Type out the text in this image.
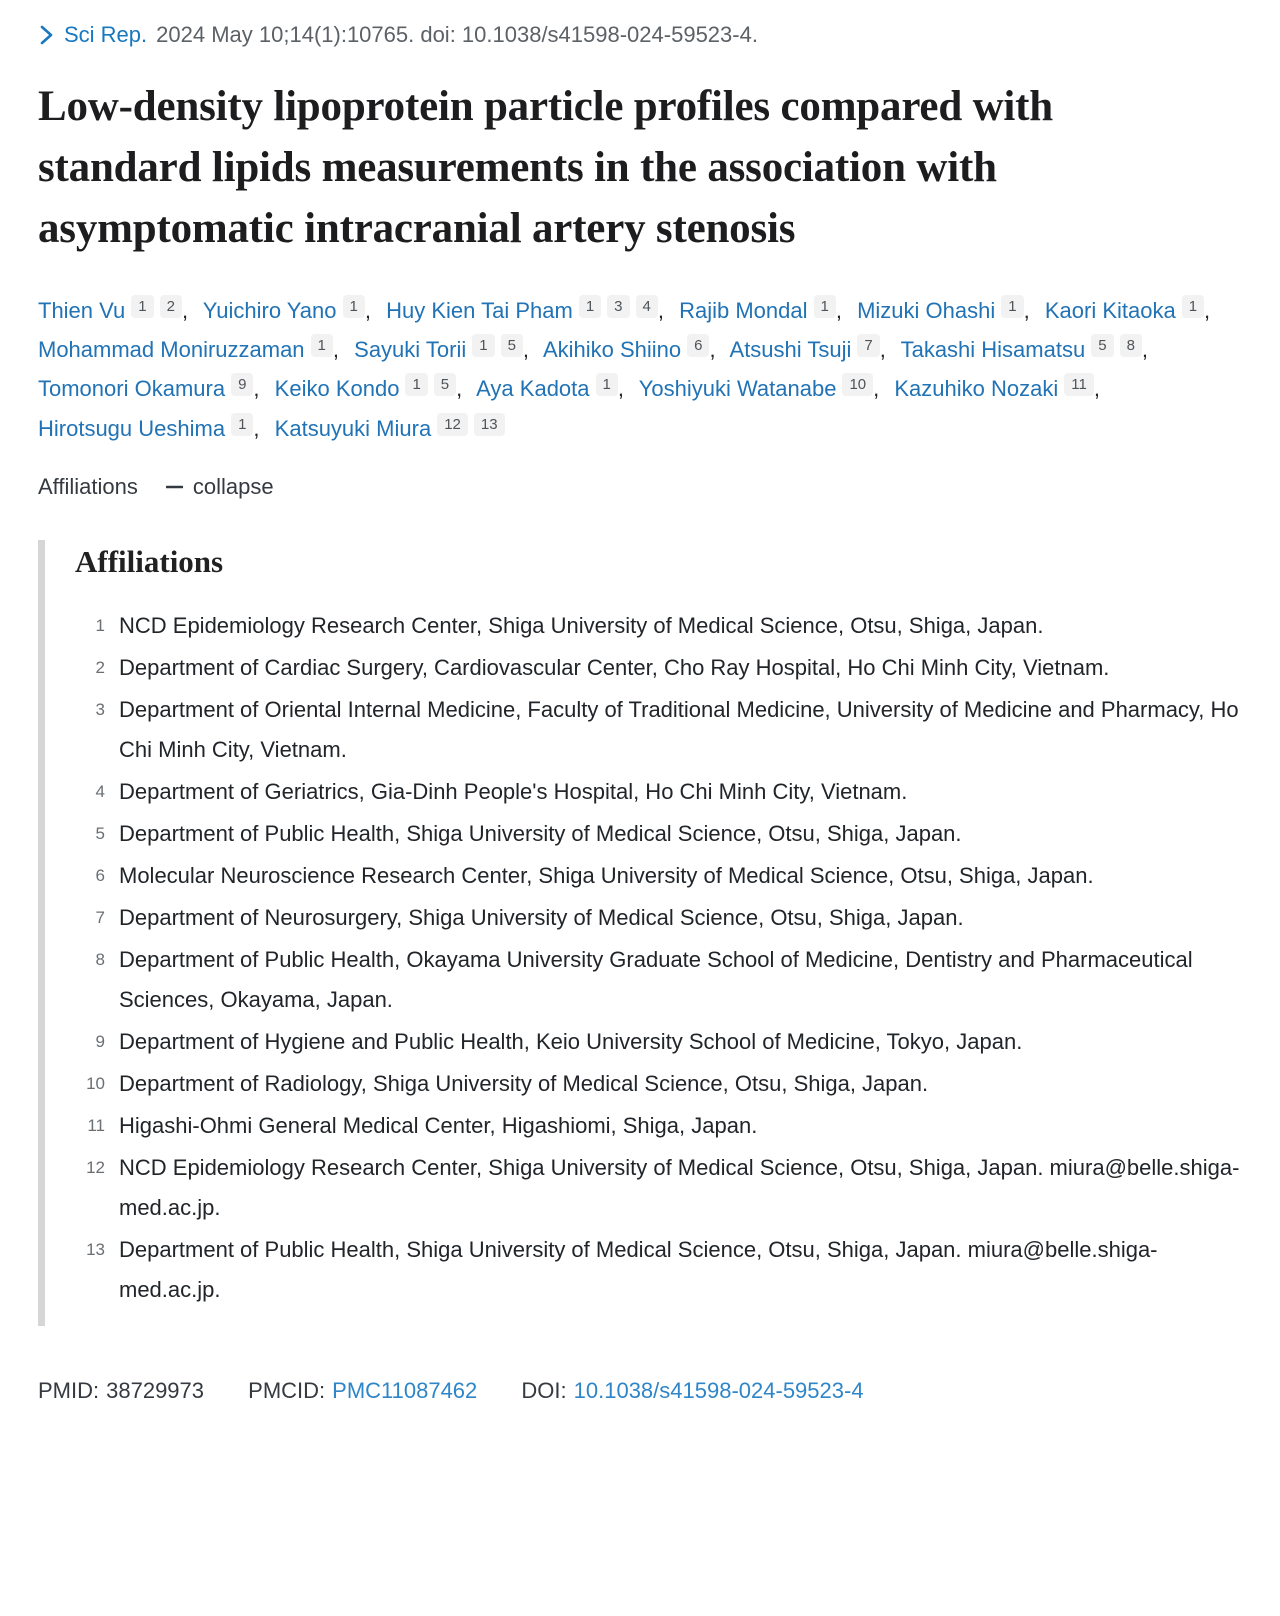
Sci Rep. 2024 May 10;14(1):10765. doi: 10.1038/s41598-024-59523-4.
Low-density lipoprotein particle profiles compared with standard lipids measurements in the association with asymptomatic intracranial artery stenosis
Thien Vu $^1$ $^2$ , Yuichiro Yano $^1$ , Huy Kien Tai Pham $^1$ $^3$ $^4$ , Rajib Mondal $^1$ , Mizuki Ohashi $^1$ , Kaori Kitaoka $^1$ , Mohammad Moniruzzaman $^1$ , Sayuki Torii $^1$ $^5$ , Akihiko Shiino $^6$ , Atsushi Tsuji $^7$ , Takashi Hisamatsu $^5$ $^8$ , Tomonori Okamura $^9$ , Keiko Kondo $^1$ $^5$ , Aya Kadota $^1$ , Yoshiyuki Watanabe $^{10}$ , Kazuhiko Nozaki $^{11}$ , Hirotsugu Ueshima $^1$ , Katsuyuki Miura $^{12}$ $^{13}$
Affiliations	collapse
Affiliations
1 NCD Epidemiology Research Center, Shiga University of Medical Science, Otsu, Shiga, Japan.
2 Department of Cardiac Surgery, Cardiovascular Center, Cho Ray Hospital, Ho Chi Minh City, Vietnam.
3 Department of Oriental Internal Medicine, Faculty of Traditional Medicine, University of Medicine and Pharmacy, Ho Chi Minh City, Vietnam.
4 Department of Geriatrics, Gia-Dinh People's Hospital, Ho Chi Minh City, Vietnam.
5 Department of Public Health, Shiga University of Medical Science, Otsu, Shiga, Japan.
6 Molecular Neuroscience Research Center, Shiga University of Medical Science, Otsu, Shiga, Japan.
7 Department of Neurosurgery, Shiga University of Medical Science, Otsu, Shiga, Japan.
8 Department of Public Health, Okayama University Graduate School of Medicine, Dentistry and Pharmaceutical Sciences, Okayama, Japan.
9 Department of Hygiene and Public Health, Keio University School of Medicine, Tokyo, Japan.
10 Department of Radiology, Shiga University of Medical Science, Otsu, Shiga, Japan.
11 Higashi-Ohmi General Medical Center, Higashiomi, Shiga, Japan.
12 NCD Epidemiology Research Center, Shiga University of Medical Science, Otsu, Shiga, Japan. miura@belle.shiga-med.ac.jp.
13 Department of Public Health, Shiga University of Medical Science, Otsu, Shiga, Japan. miura@belle.shiga-med.ac.jp.
PMID: 38729973 PMCID: PMC11087462 DOI: 10.1038/s41598-024-59523-4
